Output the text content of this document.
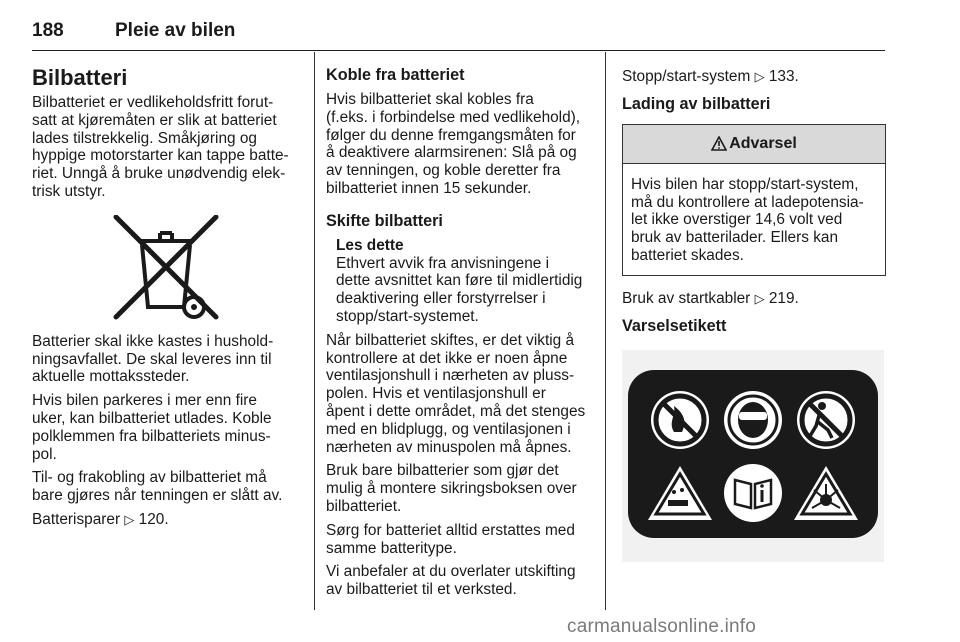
188	Pleie av bilen
Bilbatteri

Bilbatteriet er vedlikeholdsfritt forut-
satt at kjøremåten er slik at batteriet
lades tilstrekkelig. Småkjøring og
hyppige motorstarter kan tappe batte-
riet. Unngå å bruke unødvendig elek-
trisk utstyr.

Batterier skal ikke kastes i hushold-
ningsavfallet. De skal leveres inn til
aktuelle mottakssteder.

Hvis bilen parkeres i mer enn fire
uker, kan bilbatteriet utlades. Koble
polklemmen fra bilbatteriets minus-
pol.

Til- og frakobling av bilbatteriet må
bare gjøres når tenningen er slått av.

Batterisparer ▷ 120.

Koble fra batteriet

Hvis bilbatteriet skal kobles fra
(f.eks. i forbindelse med vedlikehold),
følger du denne fremgangsmåten for
å deaktivere alarmsirenen: Slå på og
av tenningen, og koble deretter fra
bilbatteriet innen 15 sekunder.

Skifte bilbatteri
Les dette
Ethvert avvik fra anvisningene i
dette avsnittet kan føre til midlertidig
deaktivering eller forstyrrelser i
stopp/start-systemet.

Når bilbatteriet skiftes, er det viktig å
kontrollere at det ikke er noen åpne
ventilasjonshull i nærheten av pluss-
polen. Hvis et ventilasjonshull er
åpent i dette området, må det stenges
med en blidplugg, og ventilasjonen i
nærheten av minuspolen må åpnes.

Bruk bare bilbatterier som gjør det
mulig å montere sikringsboksen over
bilbatteriet.

Sørg for batteriet alltid erstattes med
samme batteritype.

Vi anbefaler at du overlater utskifting
av bilbatteriet til et verksted.

Stopp/start-system ▷ 133.

Lading av bilbatteri
Advarsel
Hvis bilen har stopp/start-system,
må du kontrollere at ladepotensia-
let ikke overstiger 14,6 volt ved
bruk av batterilader. Ellers kan
batteriet skades.

Bruk av startkabler ▷ 219.

Varselsetikett
carmanualsonline.info
